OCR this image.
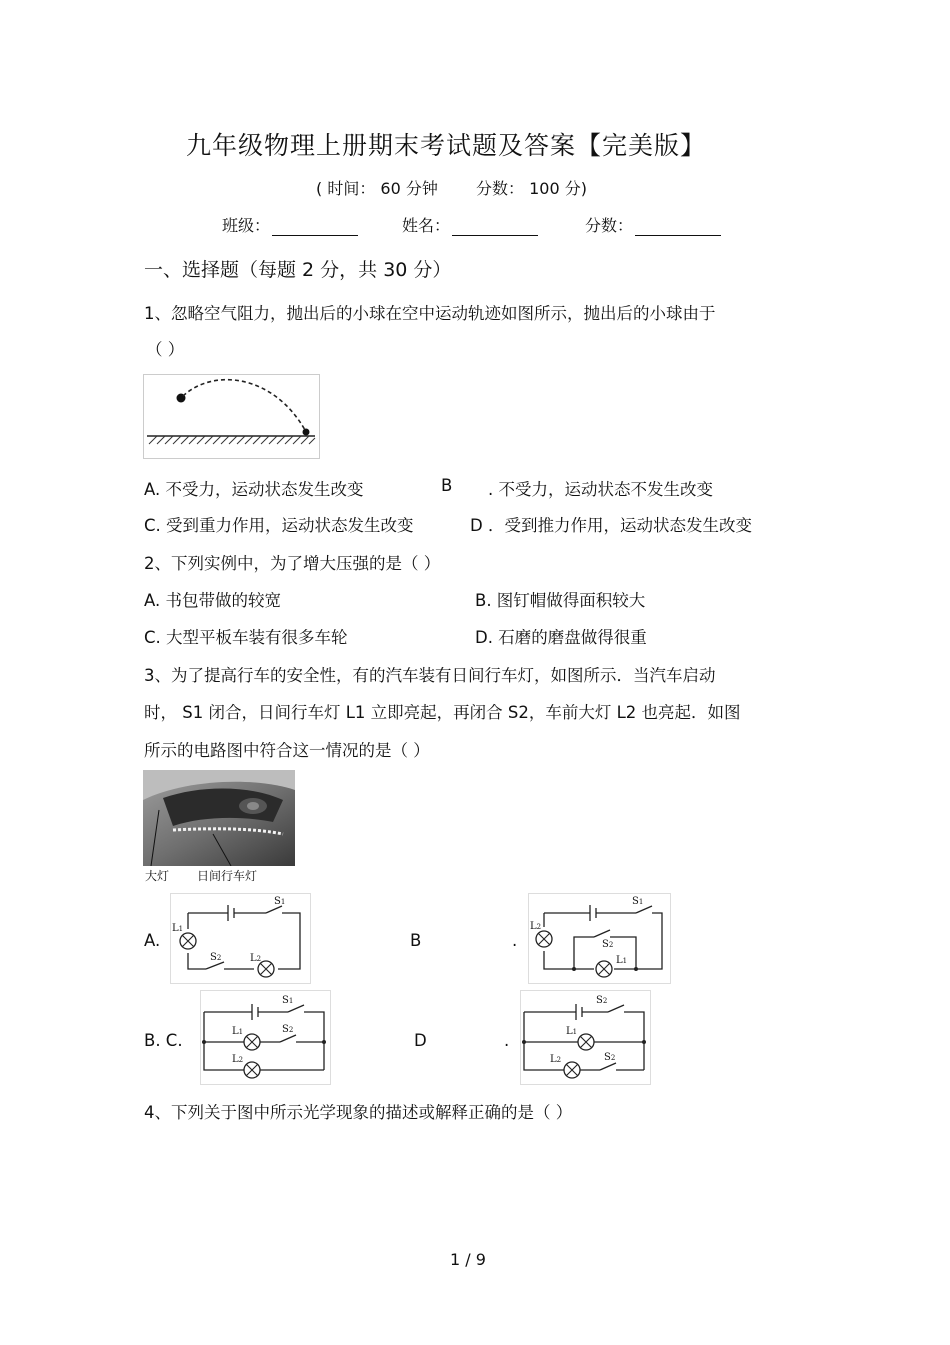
九年级物理上册期末考试题及答案【完美版】
( 时间： 60 分钟 分数： 100 分)
班级：	姓名：	分数：
一、选择题（每题 2 分，共 30 分）
1、忽略空气阻力，抛出后的小球在空中运动轨迹如图所示，抛出后的小球由于
（ ）
A. 不受力，运动状态发生改变	B . 不受力，运动状态不发生改变
C. 受到重力作用，运动状态发生改变	D ．受到推力作用，运动状态发生改变
2、下列实例中，为了增大压强的是（ ）
A. 书包带做的较宽	B. 图钉帽做得面积较大
C. 大型平板车装有很多车轮	D. 石磨的磨盘做得很重
3、为了提高行车的安全性，有的汽车装有日间行车灯，如图所示．当汽车启动
时， S1 闭合，日间行车灯 L1 立即亮起，再闭合 S2，车前大灯 L2 也亮起．如图
所示的电路图中符合这一情况的是（ ）
大灯 日间行车灯
A.	B	.
B. C.	D	.
S1
L1
S2	L2
S1
L2
S2
L1
S1
L1	S2
L2
S2
L1
L2	S2
4、下列关于图中所示光学现象的描述或解释正确的是（ ）
1 / 9
